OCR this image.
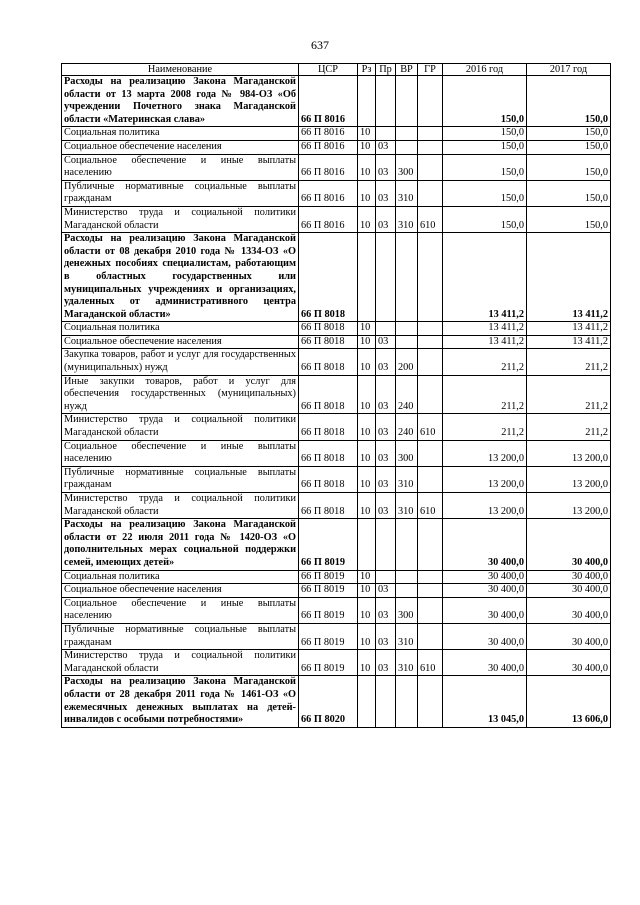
637
Наименование	ЦСР	Рз	Пр	ВР	ГР	2016 год	2017 год
Расходы на реализацию Закона Магаданской области от 13 марта 2008 года № 984-ОЗ «Об учреждении Почетного знака Магаданской области «Материнская слава»	66 П 8016					150,0	150,0
Социальная политика	66 П 8016	10				150,0	150,0
Социальное обеспечение населения	66 П 8016	10	03			150,0	150,0
Социальное обеспечение и иные выплаты населению	66 П 8016	10	03	300		150,0	150,0
Публичные нормативные социальные выплаты гражданам	66 П 8016	10	03	310		150,0	150,0
Министерство труда и социальной политики Магаданской области	66 П 8016	10	03	310	610	150,0	150,0
Расходы на реализацию Закона Магаданской области от 08 декабря 2010 года № 1334-ОЗ «О денежных пособиях специалистам, работающим в областных государственных или муниципальных учреждениях и организациях, удаленных от административного центра Магаданской области»	66 П 8018					13 411,2	13 411,2
Социальная политика	66 П 8018	10				13 411,2	13 411,2
Социальное обеспечение населения	66 П 8018	10	03			13 411,2	13 411,2
Закупка товаров, работ и услуг для государственных (муниципальных) нужд	66 П 8018	10	03	200		211,2	211,2
Иные закупки товаров, работ и услуг для обеспечения государственных (муниципальных) нужд	66 П 8018	10	03	240		211,2	211,2
Министерство труда и социальной политики Магаданской области	66 П 8018	10	03	240	610	211,2	211,2
Социальное обеспечение и иные выплаты населению	66 П 8018	10	03	300		13 200,0	13 200,0
Публичные нормативные социальные выплаты гражданам	66 П 8018	10	03	310		13 200,0	13 200,0
Министерство труда и социальной политики Магаданской области	66 П 8018	10	03	310	610	13 200,0	13 200,0
Расходы на реализацию Закона Магаданской области от 22 июля 2011 года № 1420-ОЗ «О дополнительных мерах социальной поддержки семей, имеющих детей»	66 П 8019					30 400,0	30 400,0
Социальная политика	66 П 8019	10				30 400,0	30 400,0
Социальное обеспечение населения	66 П 8019	10	03			30 400,0	30 400,0
Социальное обеспечение и иные выплаты населению	66 П 8019	10	03	300		30 400,0	30 400,0
Публичные нормативные социальные выплаты гражданам	66 П 8019	10	03	310		30 400,0	30 400,0
Министерство труда и социальной политики Магаданской области	66 П 8019	10	03	310	610	30 400,0	30 400,0
Расходы на реализацию Закона Магаданской области от 28 декабря 2011 года № 1461-ОЗ «О ежемесячных денежных выплатах на детей-инвалидов с особыми потребностями»	66 П 8020					13 045,0	13 606,0
